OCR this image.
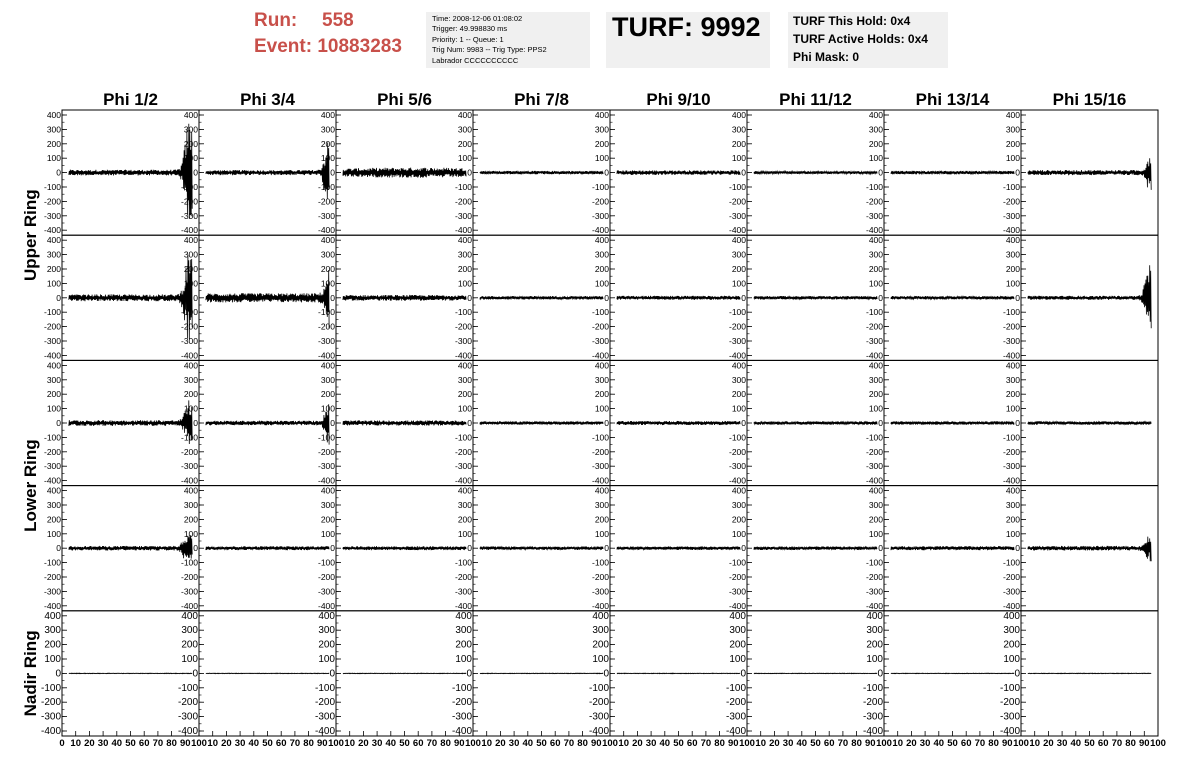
Run: 558
Event: 10883283
Time: 2008-12-06 01:08:02
Trigger: 49.998830 ms
Priority: 1 -- Queue: 1
Trig Num: 9983 -- Trig Type: PPS2
Labrador CCCCCCCCCC
TURF: 9992	TURF This Hold: 0x4
TURF Active Holds: 0x4
Phi Mask: 0
Phi 1/2	Phi 3/4	Phi 5/6	Phi 7/8	Phi 9/10	Phi 11/12	Phi 13/14	Phi 15/16
Upper Ring
Lower Ring
Nadir Ring
400
300
200
100
0
-100
-200
-300
-400
400
300
200
100
0
-100
-200
-300
-400
400
300
200
100
0
-100
-200
-300
-400
400
300
200
100
0
-100
-200
-300
-400
400
300
200
100
0
-100
-200
-300
-400
400
300
200
100
0
-100
-200
-300
-400
400
300
200
100
0
-100
-200
-300
-400
400
300
200
100
0
-100
-200
-300
-400
400
300
200
100
0
-100
-200
-300
-400
400
300
200
100
0
-100
-200
-300
-400
400
300
200
100
0
-100
-200
-300
-400
400
300
200
100
0
-100
-200
-300
-400
400
300
200
100
0
-100
-200
-300
-400
400
300
200
100
0
-100
-200
-300
-400
400
300
200
100
0
-100
-200
-300
-400
400
300
200
100
0
-100
-200
-300
-400
400
300
200
100
0
-100
-200
-300
-400
400
300
200
100
0
-100
-200
-300
-400
400
300
200
100
0
-100
-200
-300
-400
400
300
200
100
0
-100
-200
-300
-400
400
300
200
100
0
-100
-200
-300
-400
400
300
200
100
0
-100
-200
-300
-400
400
300
200
100
0
-100
-200
-300
-400
400
300
200
100
0
-100
-200
-300
-400
400
300
200
100
0
-100
-200
-300
-400
400
300
200
100
0
-100
-200
-300
-400
400
300
200
100
0
-100
-200
-300
-400
400
300
200
100
0
-100
-200
-300
-400
400
300
200
100
0
-100
-200
-300
-400
400
300
200
100
0
-100
-200
-300
-400
400
300
200
100
0
-100
-200
-300
-400
400
300
200
100
0
-100
-200
-300
-400
400
300
200
100
0
-100
-200
-300
-400
400
300
200
100
0
-100
-200
-300
-400
400
300
200
100
0
-100
-200
-300
-400
400
300
200
100
0
-100
-200
-300
-400
400
300
200
100
0
-100
-200
-300
-400
400
300
200
100
0
-100
-200
-300
-400
400
300
200
100
0
-100
-200
-300
-400
400
300
200
100
0
-100
-200
-300
-400
0 10 20 30 40 50 60 70 80 90 100 10 20 30 40 50 60 70 80 90 100 10 20 30 40 50 60 70 80 90 100 10 20 30 40 50 60 70 80 90 100 10 20 30 40 50 60 70 80 90 100 10 20 30 40 50 60 70 80 90 100 10 20 30 40 50 60 70 80 90 100 10 20 30 40 50 60 70 80 90 100
